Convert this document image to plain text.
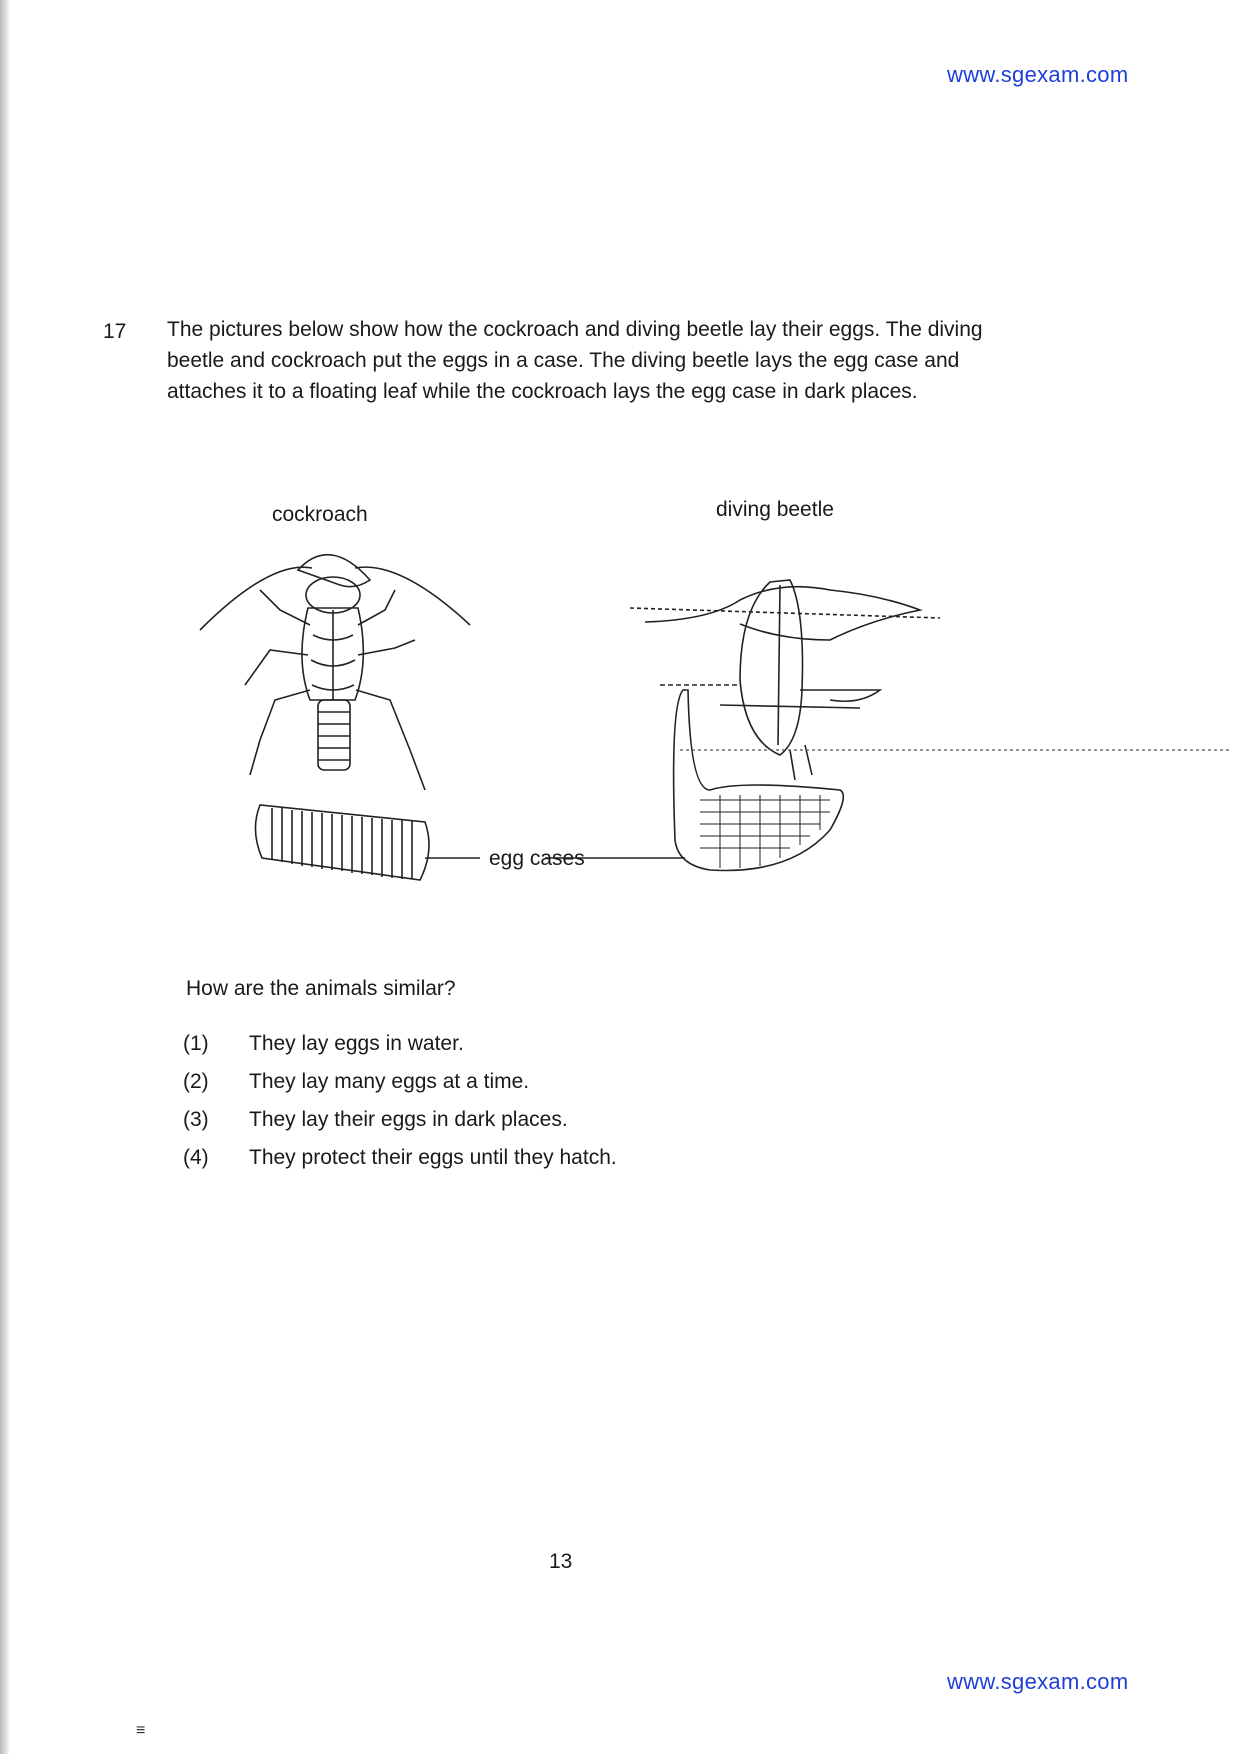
www.sgexam.com
17 The pictures below show how the cockroach and diving beetle lay their eggs. The diving beetle and cockroach put the eggs in a case. The diving beetle lays the egg case and attaches it to a floating leaf while the cockroach lays the egg case in dark places.
cockroach	diving beetle
egg cases
How are the animals similar?
(1)	They lay eggs in water.
(2)	They lay many eggs at a time.
(3)	They lay their eggs in dark places.
(4)	They protect their eggs until they hatch.
13
www.sgexam.com
≡
